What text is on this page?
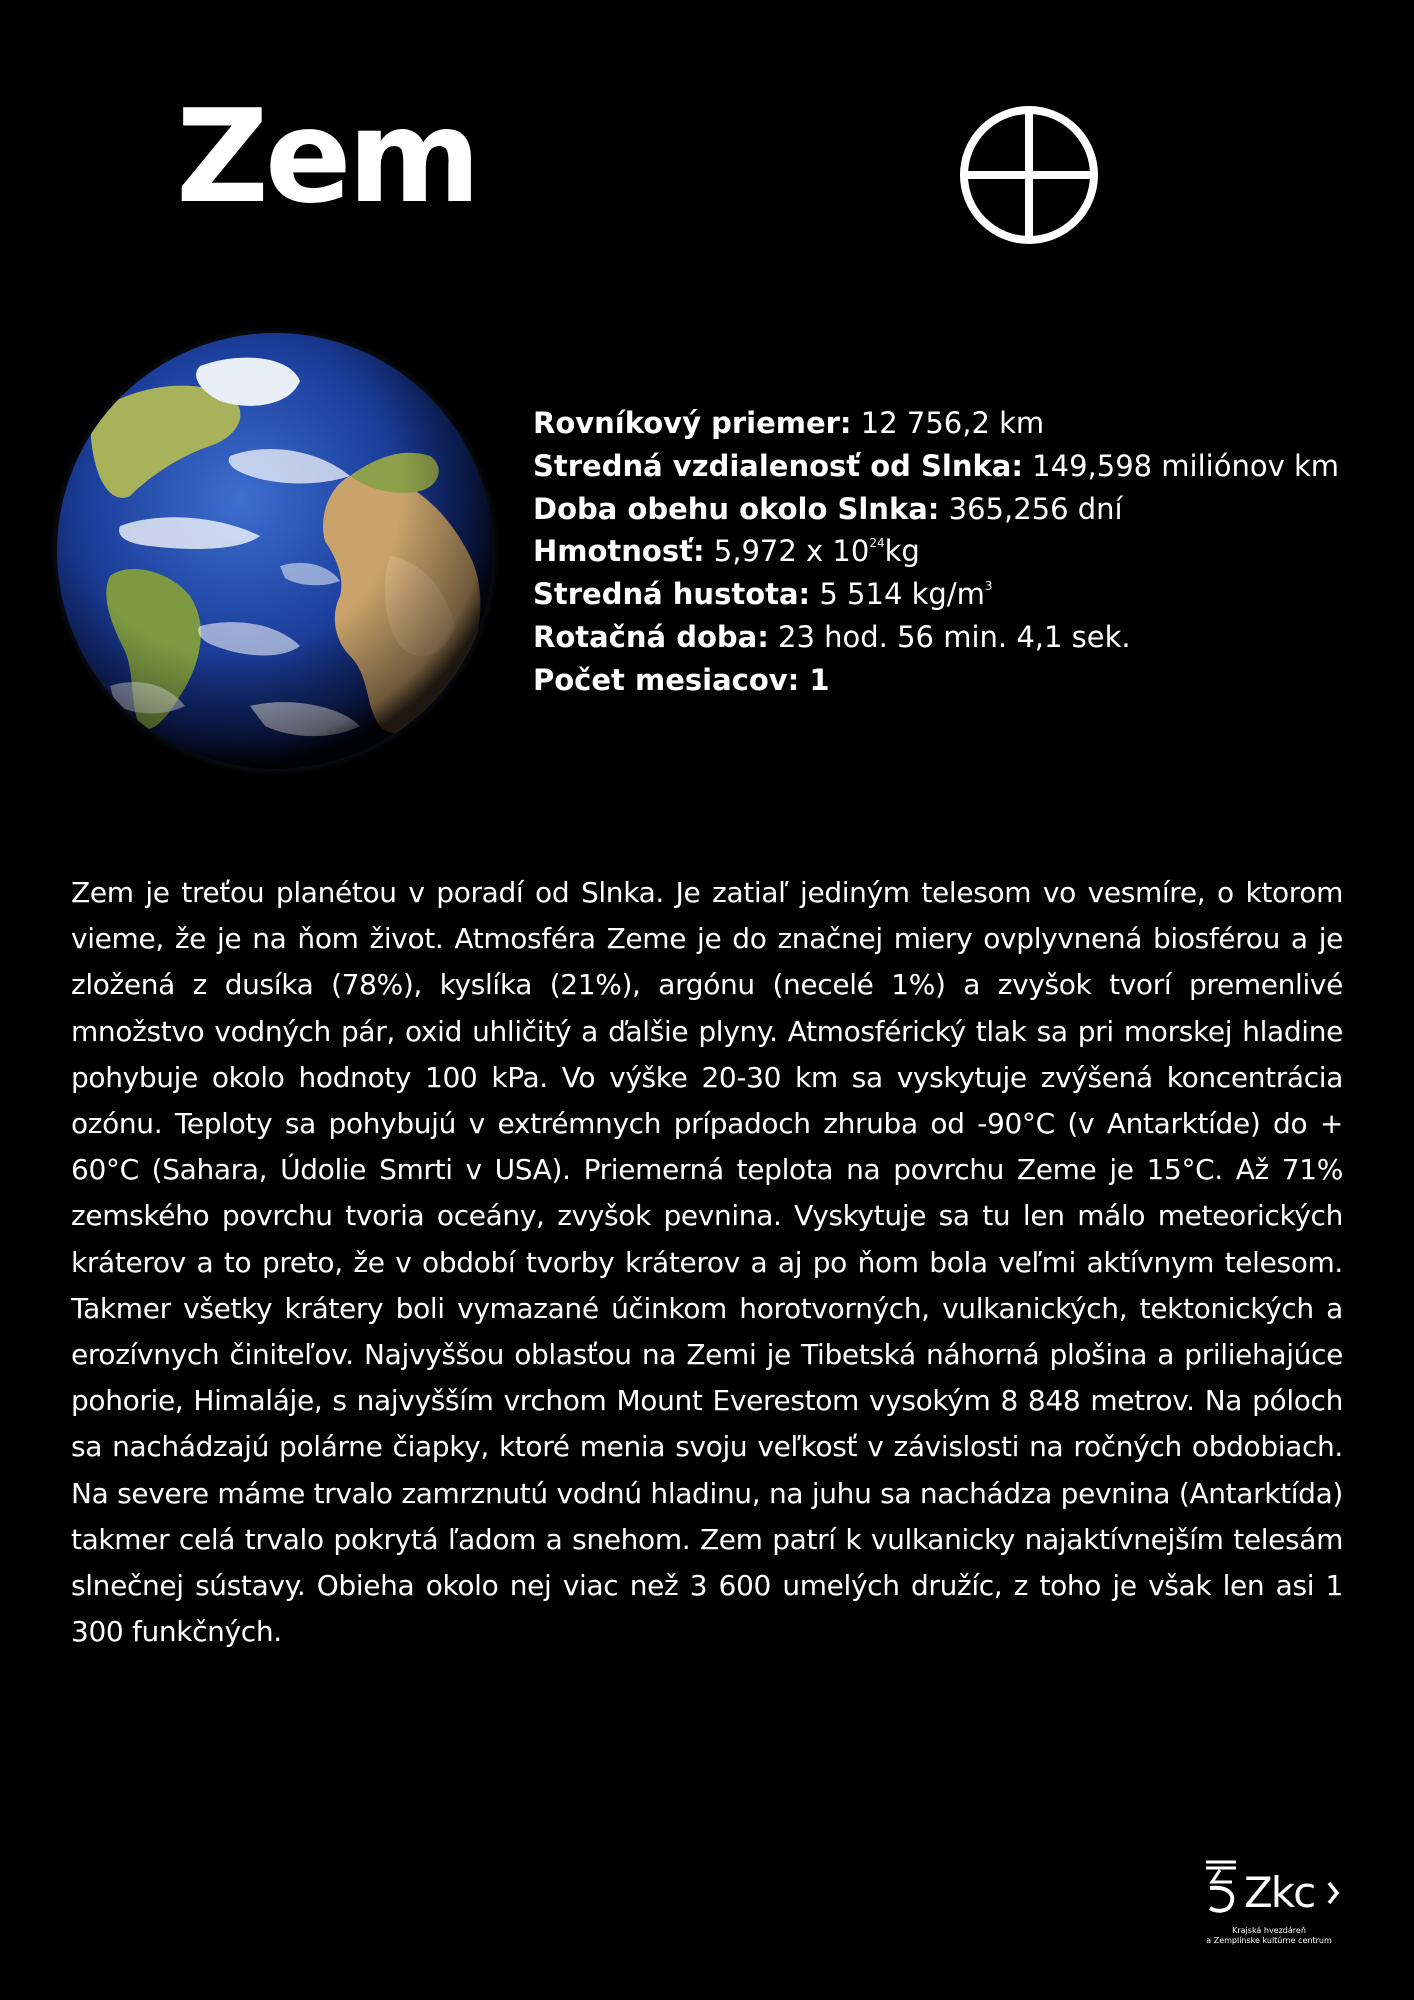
Zem
Rovníkový priemer: 12 756,2 km
Stredná vzdialenosť od Slnka: 149,598 miliónov km
Doba obehu okolo Slnka: 365,256 dní
Hmotnosť: 5,972 x $10^{24}kg$
Stredná hustota: 5 514 $kg/m^3$
Rotačná doba: 23 hod. 56 min. 4,1 sek.
Počet mesiacov: 1

Zem je treťou planétou v poradí od Slnka. Je zatiaľ jediným telesom vo vesmíre, o ktorom vieme, že je na ňom život. Atmosféra Zeme je do značnej miery ovplyvnená biosférou a je zložená z dusíka (78%), kyslíka (21%), argónu (necelé 1%) a zvyšok tvorí premenlivé množstvo vodných pár, oxid uhličitý a ďalšie plyny. Atmosférický tlak sa pri morskej hladine pohybuje okolo hodnoty 100 kPa. Vo výške 20-30 km sa vyskytuje zvýšená koncentrácia ozónu. Teploty sa pohybujú v extrémnych prípadoch zhruba od -90°C (v Antarktíde) do + 60°C (Sahara, Údolie Smrti v USA). Priemerná teplota na povrchu Zeme je 15°C. Až 71% zemského povrchu tvoria oceány, zvyšok pevnina. Vyskytuje sa tu len málo meteorických kráterov a to preto, že v období tvorby kráterov a aj po ňom bola veľmi aktívnym telesom. Takmer všetky krátery boli vymazané účinkom horotvorných, vulkanických, tektonických a erozívnych činiteľov. Najvyššou oblasťou na Zemi je Tibetská náhorná plošina a priliehajúce pohorie, Himaláje, s najvyšším vrchom Mount Everestom vysokým 8 848 metrov. Na póloch sa nachádzajú polárne čiapky, ktoré menia svoju veľkosť v závislosti na ročných obdobiach. Na severe máme trvalo zamrznutú vodnú hladinu, na juhu sa nachádza pevnina (Antarktída) takmer celá trvalo pokrytá ľadom a snehom. Zem patrí k vulkanicky najaktívnejším telesám slnečnej sústavy. Obieha okolo nej viac než 3 600 umelých družíc, z toho je však len asi 1 300 funkčných.

Zkc
Krajská hvezdáreň
a Zemplínske kultúrne centrum
